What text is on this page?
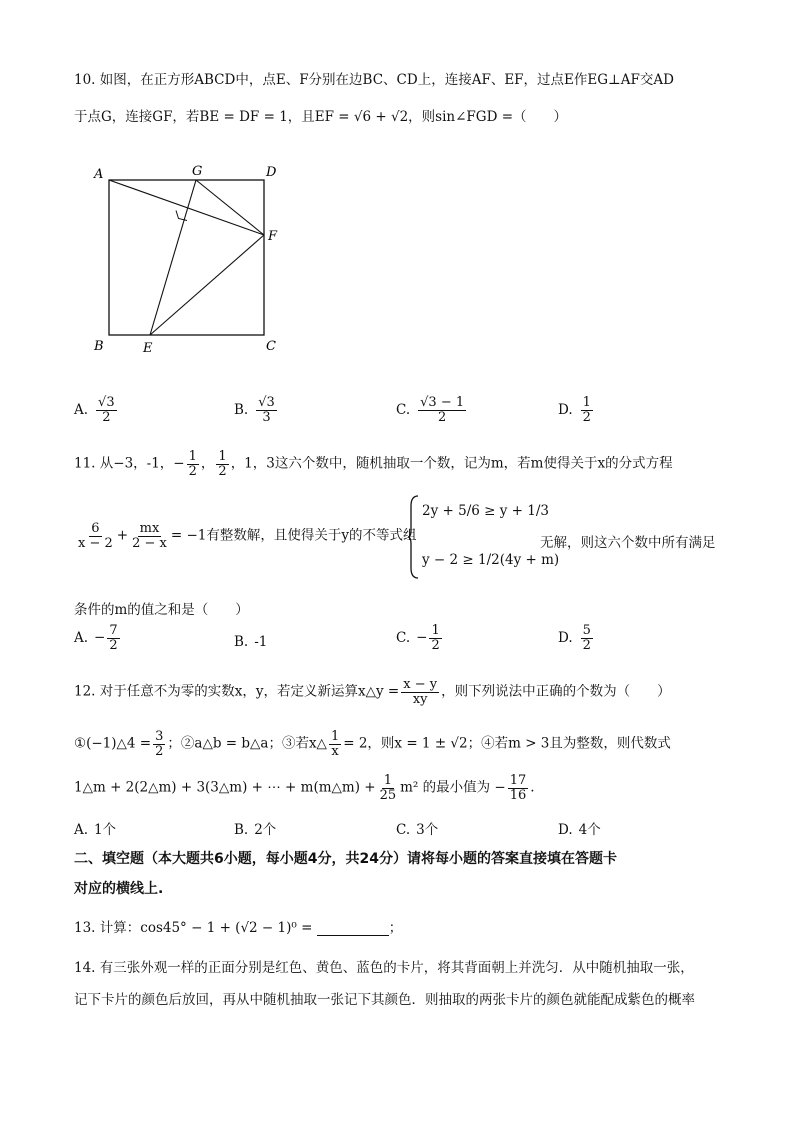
10. 如图，在正方形ABCD中，点E、F分别在边BC、CD上，连接AF、EF，过点E作EG⊥AF交AD
于点G，连接GF，若BE = DF = 1，且EF = √6 + √2，则sin∠FGD =（　　）
A	G	D
F
B	E	C
A. $\frac{√3}{2}$	B. $\frac{√3}{3}$	C. $\frac{√3 - 1}{2}$	D. $\frac{1}{2}$
11. 从−3，-1，− $\frac{1}{2}$ ， $\frac{1}{2}$ ，1，3这六个数中，随机抽取一个数，记为m，若m使得关于x的分式方程
$\frac{6}{x - 2} + \frac{mx}{2 - x} = -1$有整数解，且使得关于y的不等式组
2y + 5/6 ≥ y + 1/3
y − 2 ≥ 1/2(4y + m)
无解，则这六个数中所有满足
条件的m的值之和是（　　）
A. − $\frac{7}{2}$	B. -1	C. − $\frac{1}{2}$	D. $\frac{5}{2}$
12. 对于任意不为零的实数x，y，若定义新运算x△y = $\frac{x - y}{xy}$ ，则下列说法中正确的个数为（　　）
①(−1)△4 = $\frac{3}{2}$ ；②a△b = b△a；③若x△ $\frac{1}{x} = 2$，则x = 1 ± √2；④若m > 3且为整数，则代数式
1△m + 2(2△m) + 3(3△m) + ⋯ + m(m△m) + $\frac{1}{25} m^2$ 的最小值为 − $\frac{17}{16}$ .
A. 1个	B. 2个	C. 3个	D. 4个
二、填空题（本大题共6小题，每小题4分，共24分）请将每小题的答案直接填在答题卡
对应的横线上.
13. 计算：cos45° − 1 + (√2 − 1)⁰ =	；
14. 有三张外观一样的正面分别是红色、黄色、蓝色的卡片，将其背面朝上并洗匀．从中随机抽取一张，
记下卡片的颜色后放回，再从中随机抽取一张记下其颜色．则抽取的两张卡片的颜色就能配成紫色的概率
